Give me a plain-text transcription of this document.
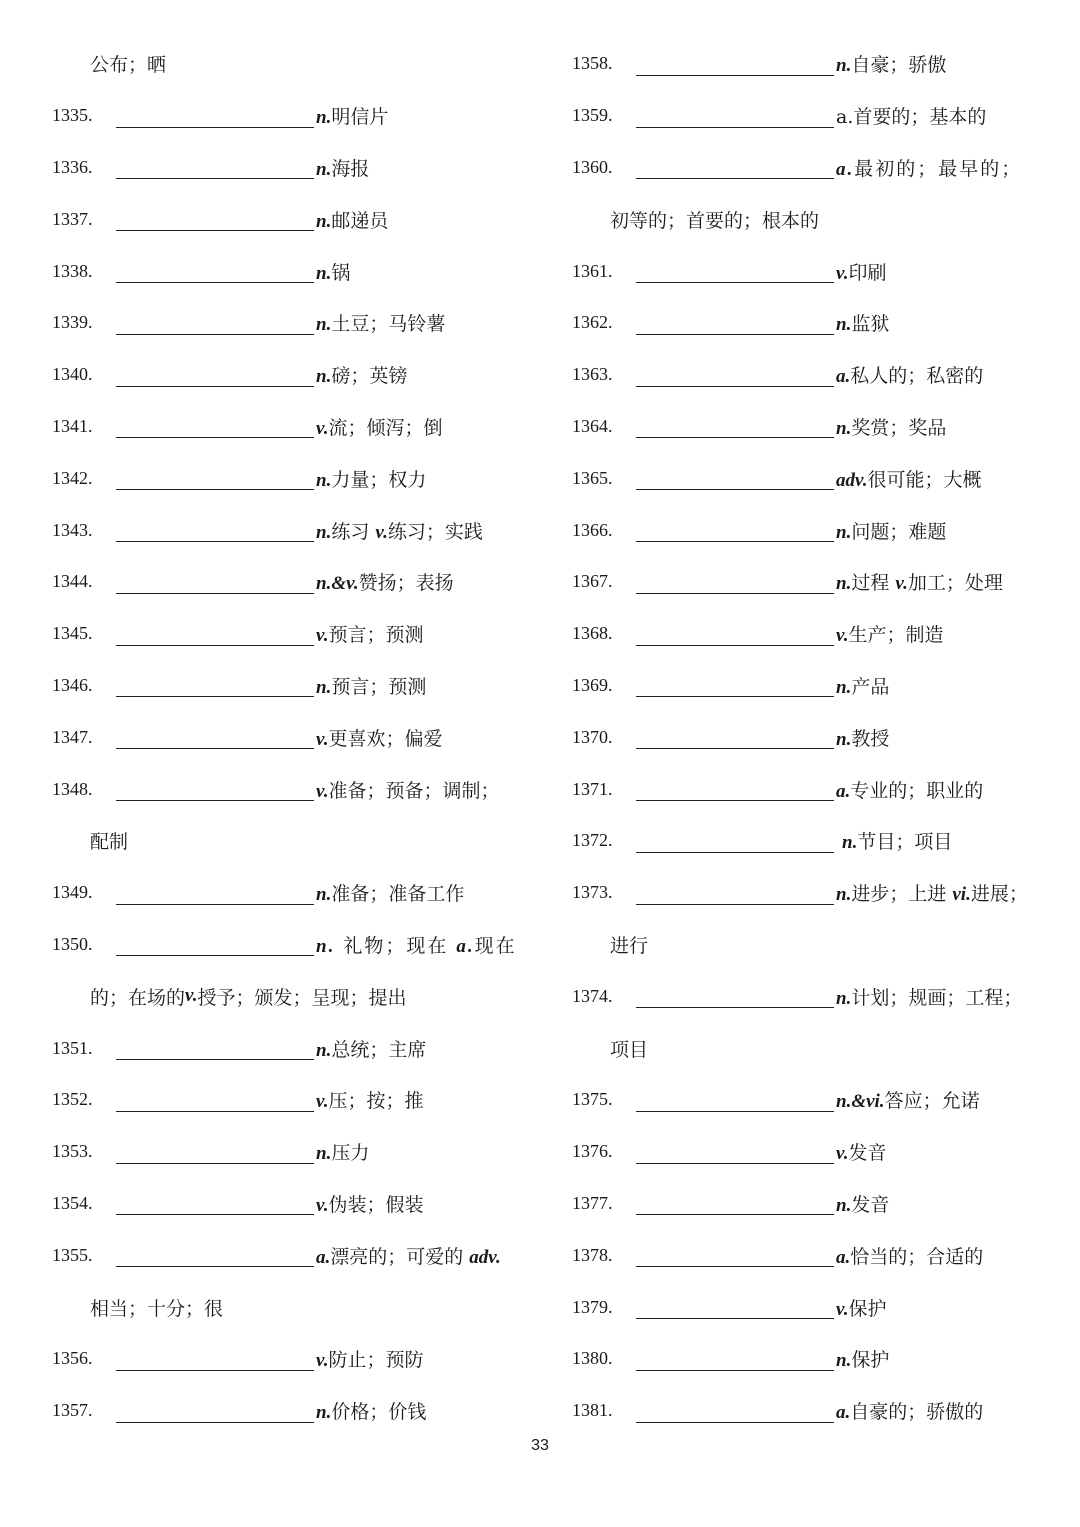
公布；晒
1335.	n.明信片
1336.	n.海报
1337.	n.邮递员
1338.	n.锅
1339.	n.土豆；马铃薯
1340.	n.磅；英镑
1341.	v.流；倾泻；倒
1342.	n.力量；权力
1343.	n.练习 v.练习；实践
1344.	n.&v.赞扬；表扬
1345.	v.预言；预测
1346.	n.预言；预测
1347.	v.更喜欢；偏爱
1348.	v.准备；预备；调制；
配制
1349.	n.准备；准备工作
1350.	n. 礼物；现在 a.现在
的；在场的 v. 授予；颁发；呈现；提出
1351.	n.总统；主席
1352.	v.压；按；推
1353.	n.压力
1354.	v.伪装；假装
1355.	a.漂亮的；可爱的 adv.
相当；十分；很
1356.	v.防止；预防
1357.	n.价格；价钱
1358.	n.自豪；骄傲
1359.	a.首要的；基本的
1360.	a.最初的；最早的；
初等的；首要的；根本的
1361.	v.印刷
1362.	n.监狱
1363.	a.私人的；私密的
1364.	n.奖赏；奖品
1365.	adv.很可能；大概
1366.	n.问题；难题
1367.	n.过程 v.加工；处理
1368.	v.生产；制造
1369.	n.产品
1370.	n.教授
1371.	a.专业的；职业的
1372.	n.节目；项目
1373.	n.进步；上进 vi.进展；
进行
1374.	n.计划；规画；工程；
项目
1375.	n.&vi.答应；允诺
1376.	v.发音
1377.	n.发音
1378.	a.恰当的；合适的
1379.	v.保护
1380.	n.保护
1381.	a.自豪的；骄傲的
33
